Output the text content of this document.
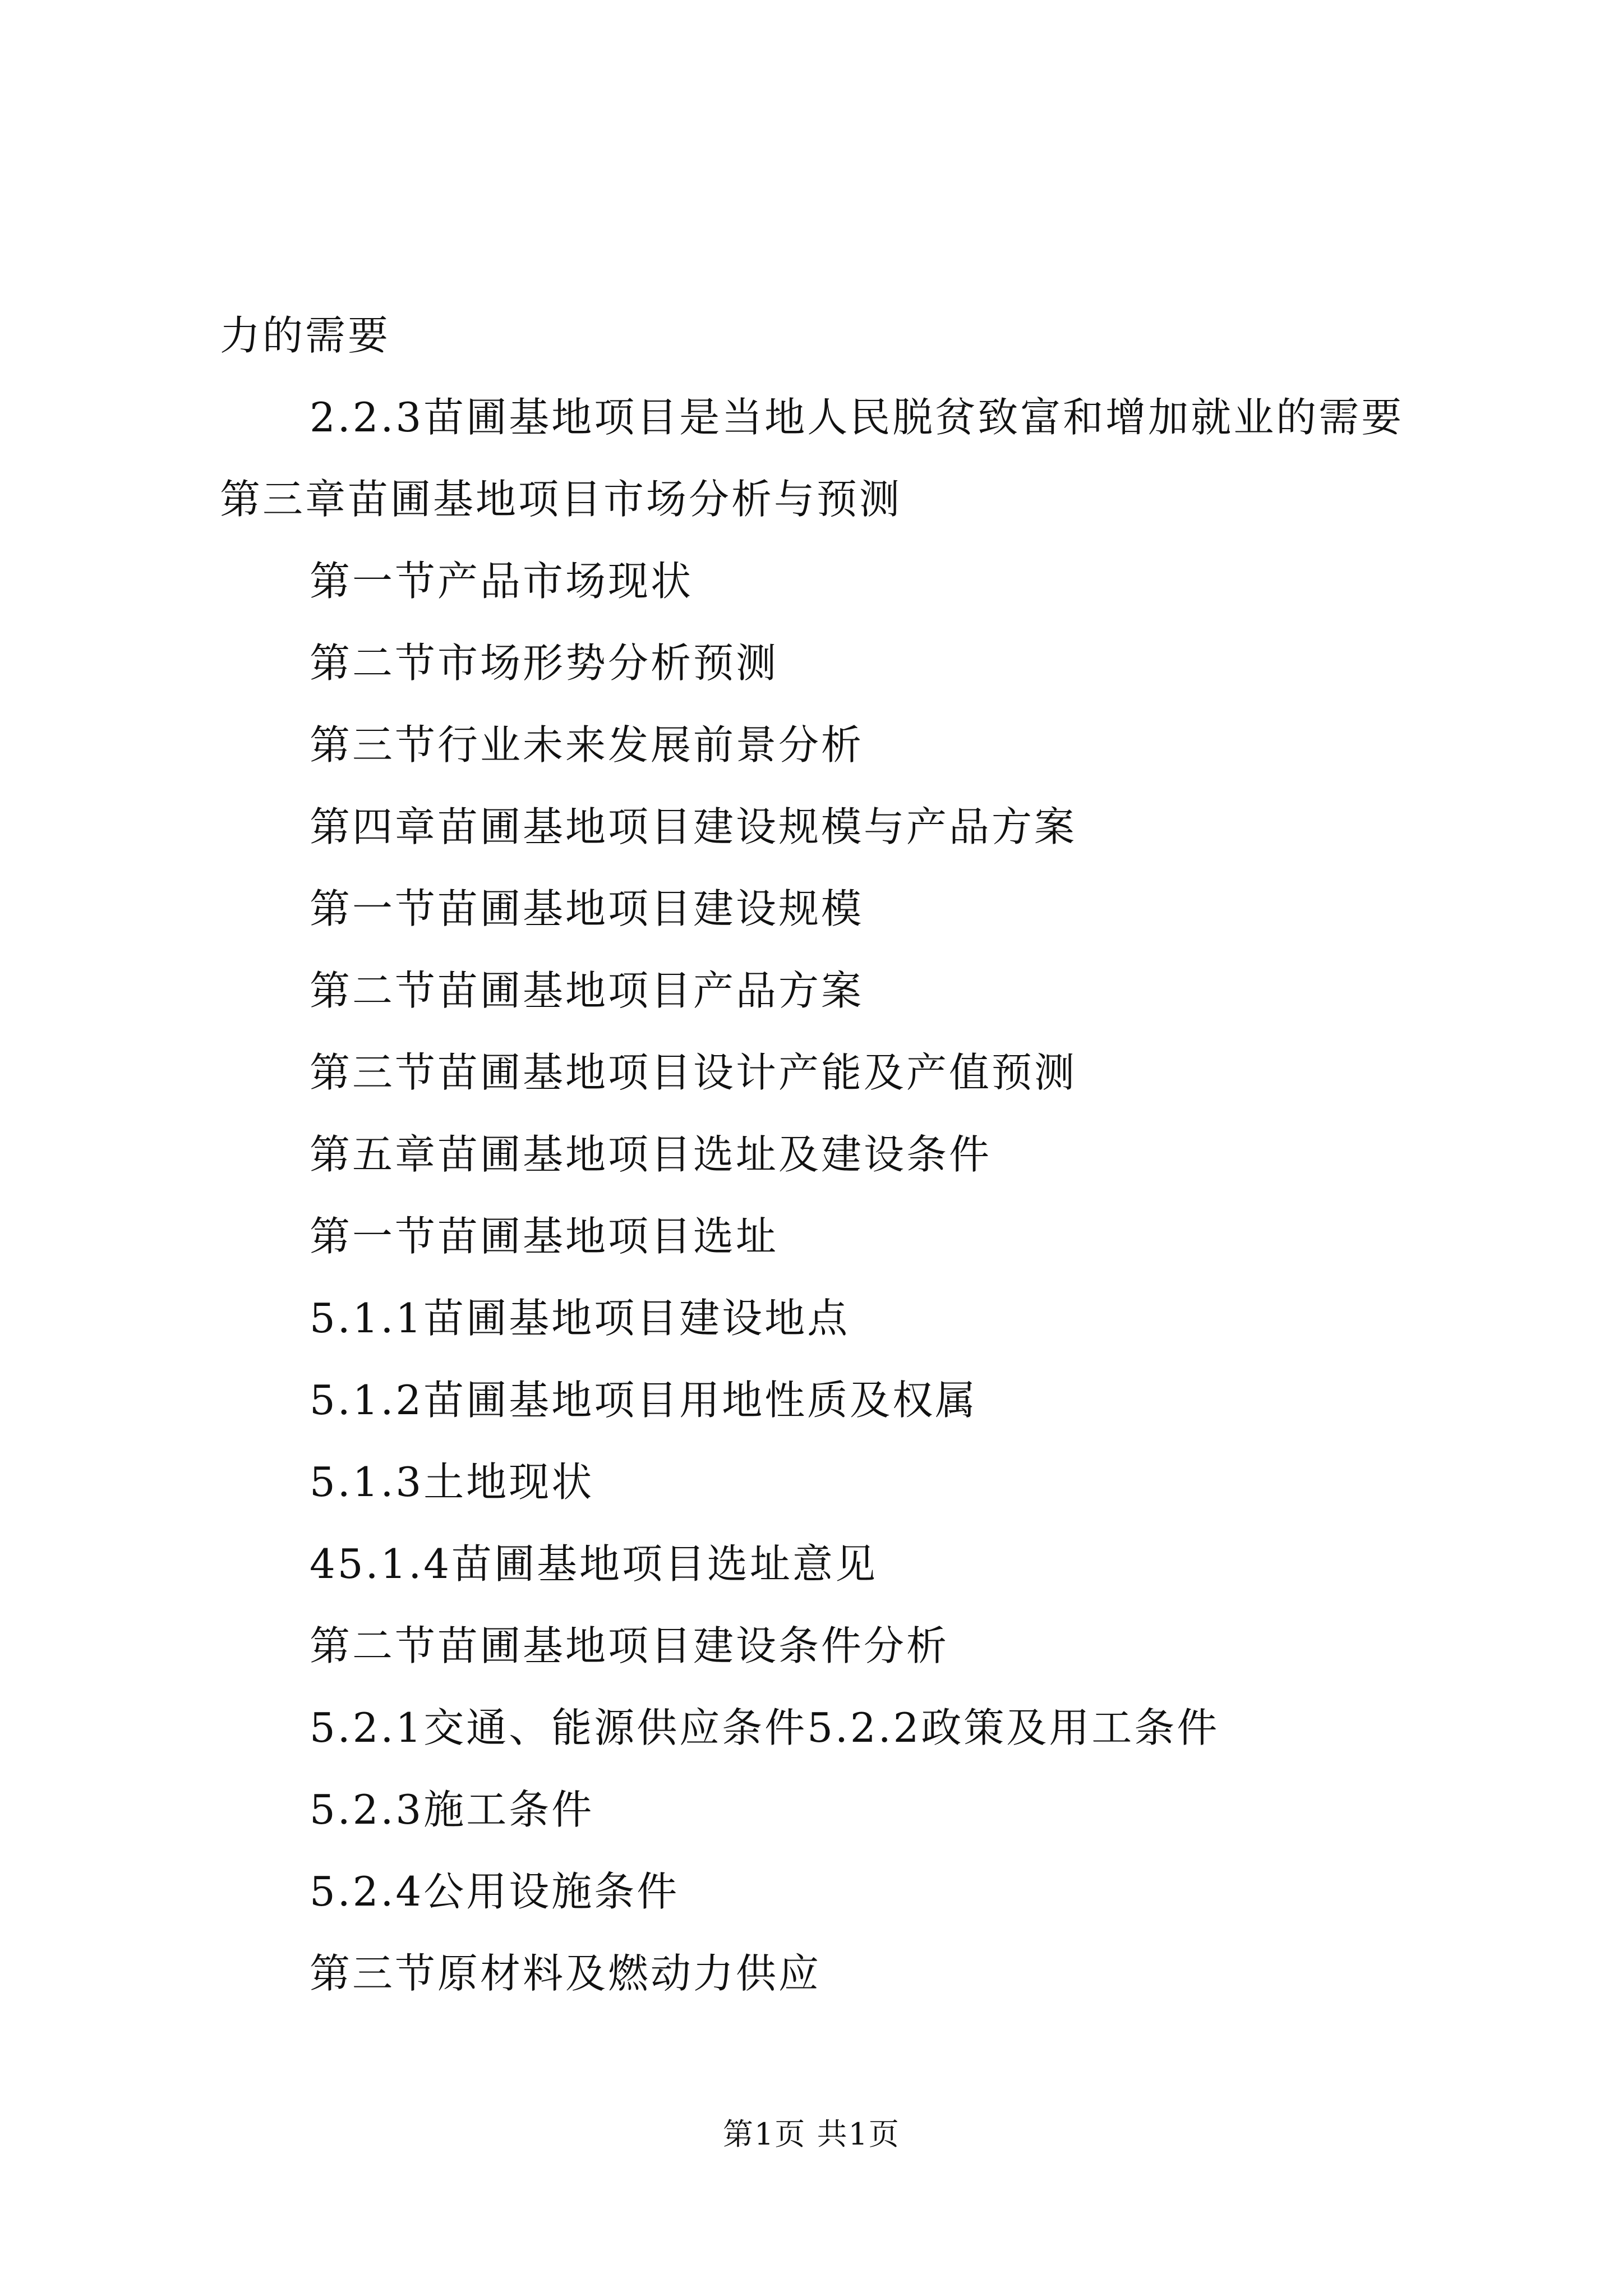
力的需要
2.2.3苗圃基地项目是当地人民脱贫致富和增加就业的需要
第三章苗圃基地项目市场分析与预测
第一节产品市场现状
第二节市场形势分析预测
第三节行业未来发展前景分析
第四章苗圃基地项目建设规模与产品方案
第一节苗圃基地项目建设规模
第二节苗圃基地项目产品方案
第三节苗圃基地项目设计产能及产值预测
第五章苗圃基地项目选址及建设条件
第一节苗圃基地项目选址
5.1.1苗圃基地项目建设地点
5.1.2苗圃基地项目用地性质及权属
5.1.3土地现状
45.1.4苗圃基地项目选址意见
第二节苗圃基地项目建设条件分析
5.2.1交通、能源供应条件5.2.2政策及用工条件
5.2.3施工条件
5.2.4公用设施条件
第三节原材料及燃动力供应
第1页 共1页
